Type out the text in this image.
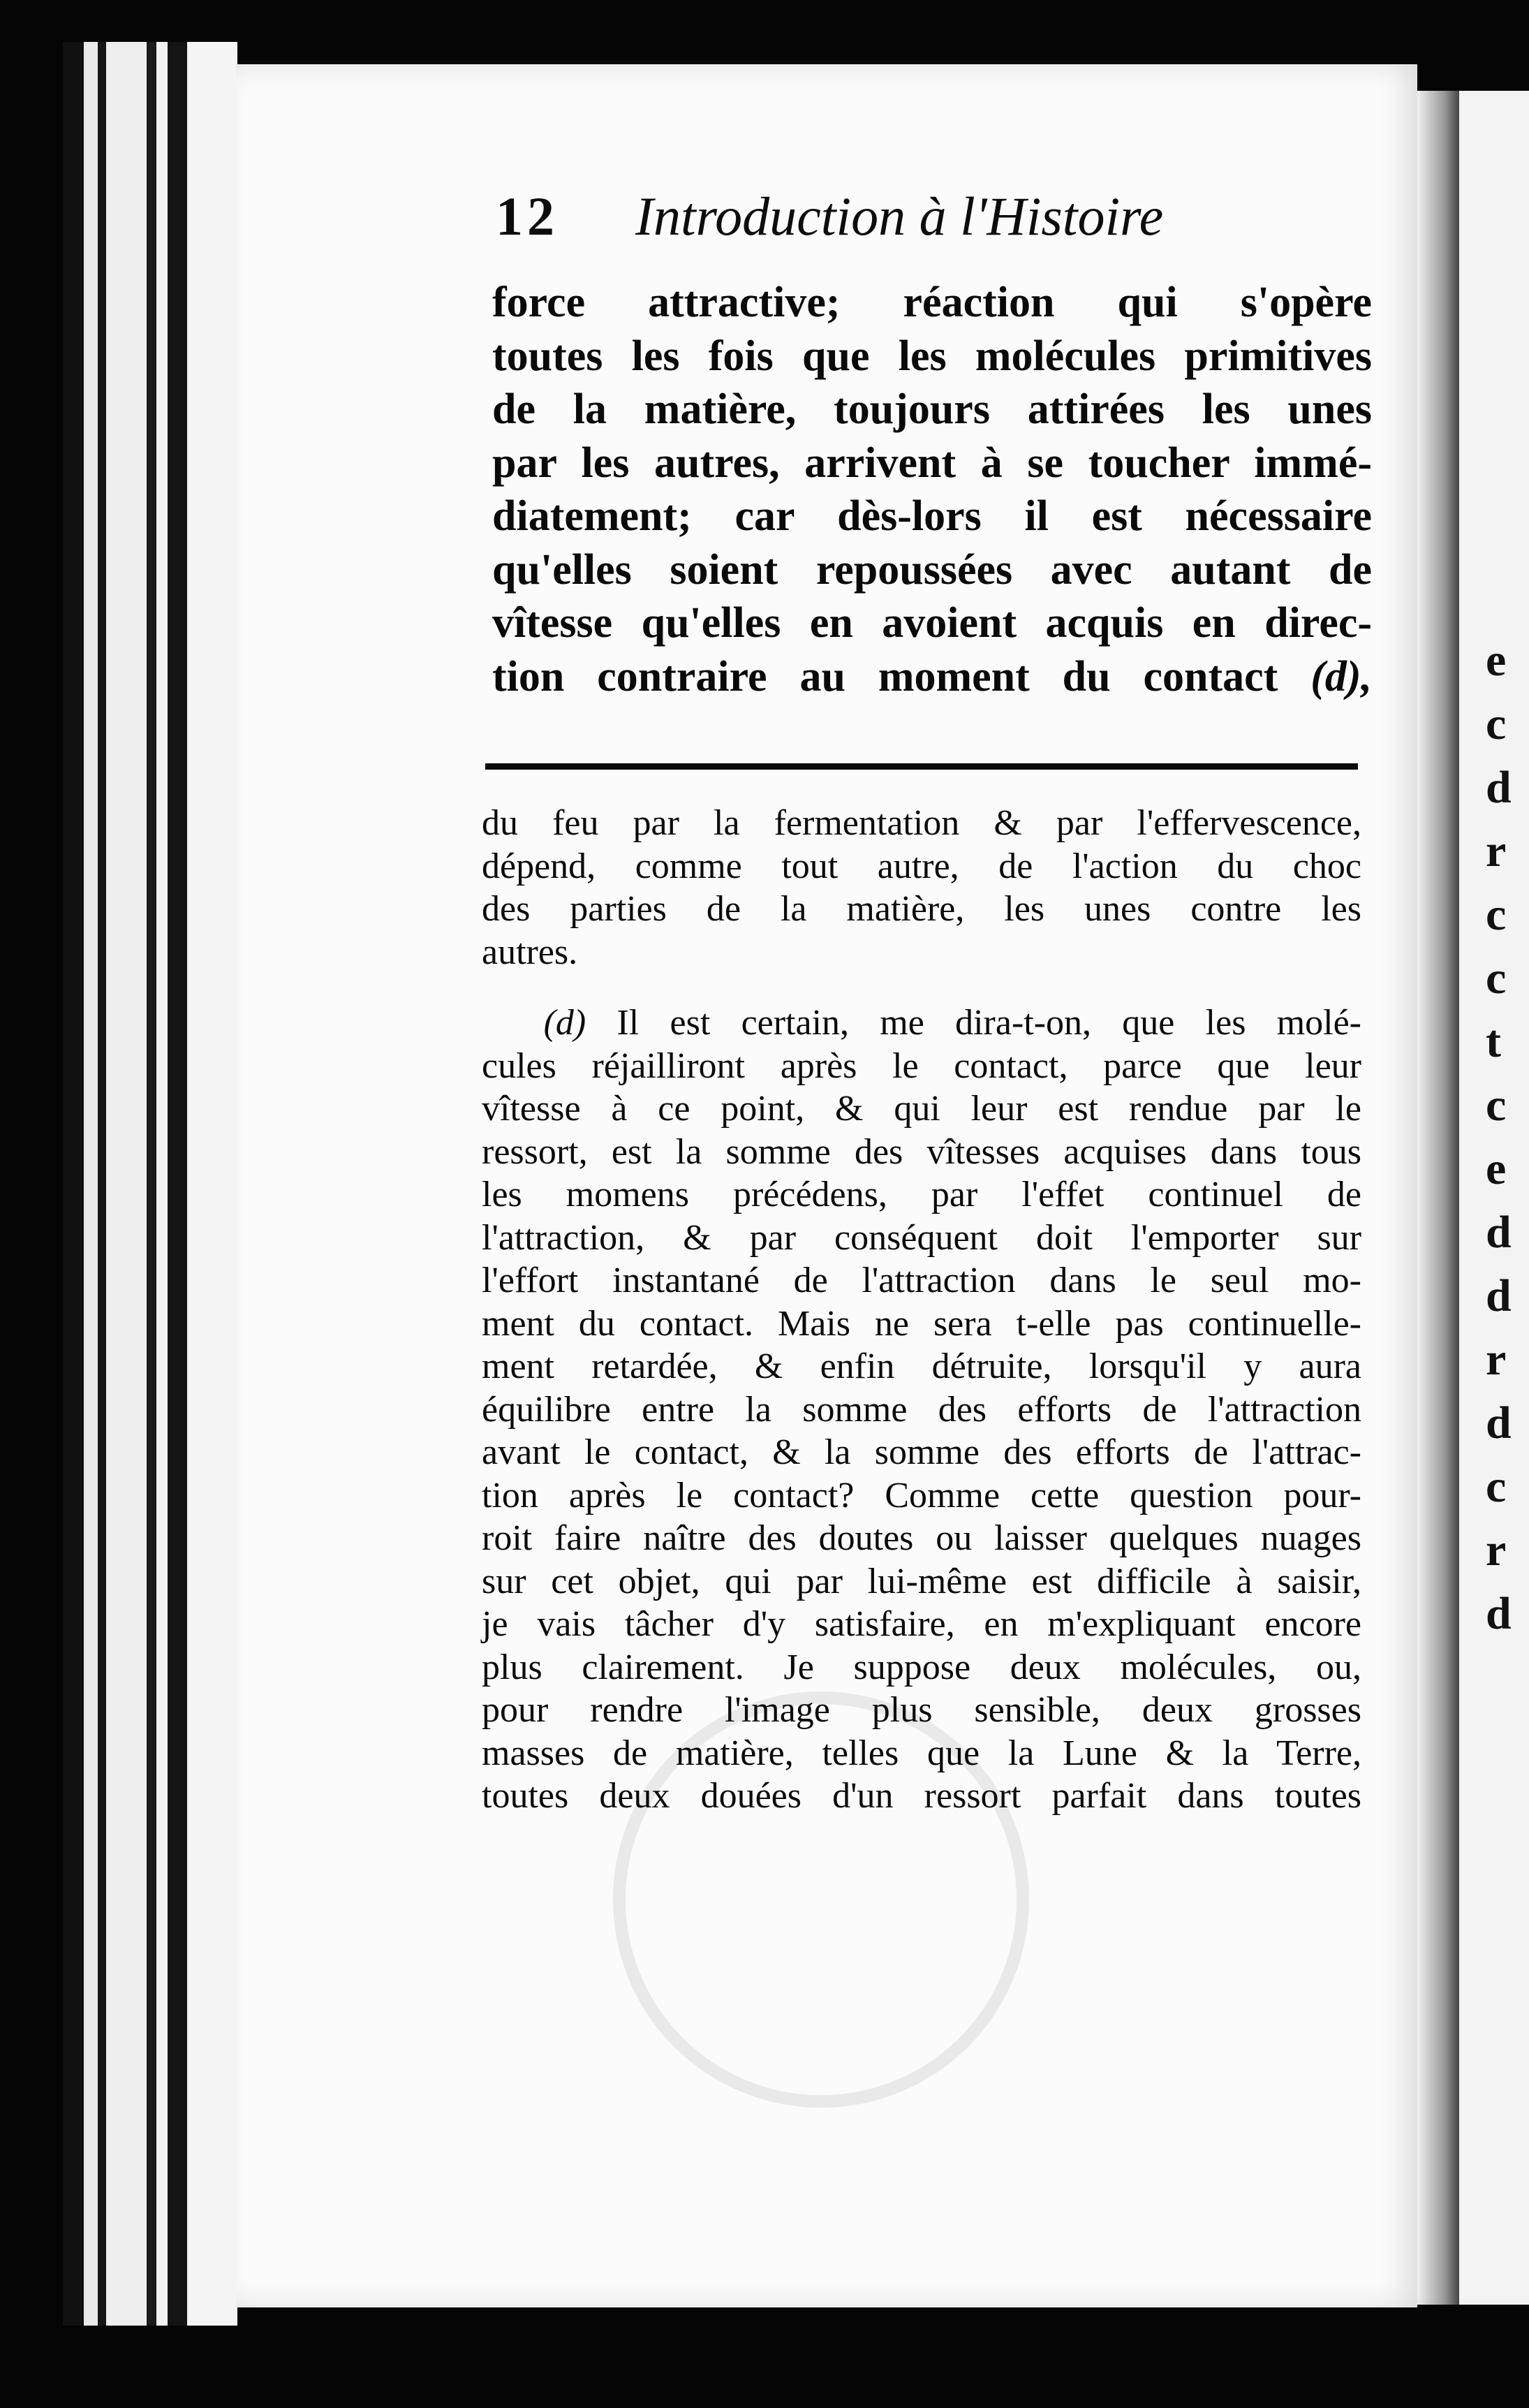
e
c
d
r
c
c
t
c
e
d
d
r
d
c
r
d
12 Introduction à l'Histoire
force attractive; réaction qui s'opère
toutes les fois que les molécules primitives
de la matière, toujours attirées les unes
par les autres, arrivent à se toucher immé-
diatement; car dès-lors il est nécessaire
qu'elles soient repoussées avec autant de
vîtesse qu'elles en avoient acquis en direc-
tion contraire au moment du contact (d),
du feu par la fermentation & par l'effervescence,
dépend, comme tout autre, de l'action du choc
des parties de la matière, les unes contre les
autres.
(d) Il est certain, me dira-t-on, que les molé-
cules réjailliront après le contact, parce que leur
vîtesse à ce point, & qui leur est rendue par le
ressort, est la somme des vîtesses acquises dans tous
les momens précédens, par l'effet continuel de
l'attraction, & par conséquent doit l'emporter sur
l'effort instantané de l'attraction dans le seul mo-
ment du contact. Mais ne sera t-elle pas continuelle-
ment retardée, & enfin détruite, lorsqu'il y aura
équilibre entre la somme des efforts de l'attraction
avant le contact, & la somme des efforts de l'attrac-
tion après le contact? Comme cette question pour-
roit faire naître des doutes ou laisser quelques nuages
sur cet objet, qui par lui-même est difficile à saisir,
je vais tâcher d'y satisfaire, en m'expliquant encore
plus clairement. Je suppose deux molécules, ou,
pour rendre l'image plus sensible, deux grosses
masses de matière, telles que la Lune & la Terre,
toutes deux douées d'un ressort parfait dans toutes
